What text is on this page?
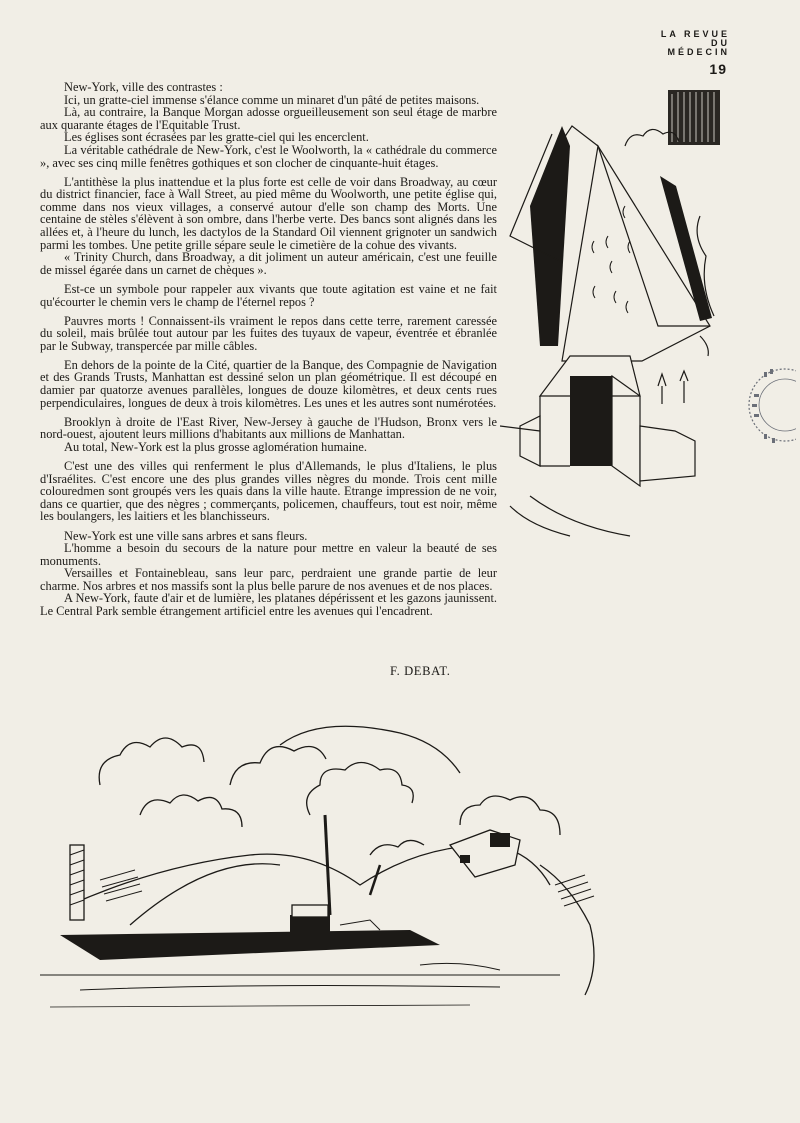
LA REVUE
DU
MÉDECIN
19

New-York, ville des contrastes :

Ici, un gratte-ciel immense s'élance comme un minaret d'un pâté de petites maisons.

Là, au contraire, la Banque Morgan adosse orgueilleusement son seul étage de marbre aux quarante étages de l'Equitable Trust.

Les églises sont écrasées par les gratte-ciel qui les encerclent.

La véritable cathédrale de New-York, c'est le Woolworth, la « cathédrale du commerce », avec ses cinq mille fenêtres gothiques et son clocher de cinquante-huit étages.

L'antithèse la plus inattendue et la plus forte est celle de voir dans Broadway, au cœur du district financier, face à Wall Street, au pied même du Woolworth, une petite église qui, comme dans nos vieux villages, a conservé autour d'elle son champ des Morts. Une centaine de stèles s'élèvent à son ombre, dans l'herbe verte. Des bancs sont alignés dans les allées et, à l'heure du lunch, les dactylos de la Standard Oil viennent grignoter un sandwich parmi les tombes. Une petite grille sépare seule le cimetière de la cohue des vivants.

« Trinity Church, dans Broadway, a dit joliment un auteur américain, c'est une feuille de missel égarée dans un carnet de chèques ».

Est-ce un symbole pour rappeler aux vivants que toute agitation est vaine et ne fait qu'écourter le chemin vers le champ de l'éternel repos ?

Pauvres morts ! Connaissent-ils vraiment le repos dans cette terre, rarement caressée du soleil, mais brûlée tout autour par les fuites des tuyaux de vapeur, éventrée et ébranlée par le Subway, transpercée par mille câbles.

En dehors de la pointe de la Cité, quartier de la Banque, des Compagnie de Navigation et des Grands Trusts, Manhattan est dessiné selon un plan géométrique. Il est découpé en damier par quatorze avenues parallèles, longues de douze kilomètres, et deux cents rues perpendiculaires, longues de deux à trois kilomètres. Les unes et les autres sont numérotées.

Brooklyn à droite de l'East River, New-Jersey à gauche de l'Hudson, Bronx vers le nord-ouest, ajoutent leurs millions d'habitants aux millions de Manhattan.

Au total, New-York est la plus grosse aglomération humaine.

C'est une des villes qui renferment le plus d'Allemands, le plus d'Italiens, le plus d'Israélites. C'est encore une des plus grandes villes nègres du monde. Trois cent mille colouredmen sont groupés vers les quais dans la ville haute. Etrange impression de ne voir, dans ce quartier, que des nègres ; commerçants, policemen, chauffeurs, tout est noir, même les boulangers, les laitiers et les blanchisseurs.

New-York est une ville sans arbres et sans fleurs.

L'homme a besoin du secours de la nature pour mettre en valeur la beauté de ses monuments.

Versailles et Fontainebleau, sans leur parc, perdraient une grande partie de leur charme. Nos arbres et nos massifs sont la plus belle parure de nos avenues et de nos places.

A New-York, faute d'air et de lumière, les platanes dépérissent et les gazons jaunissent. Le Central Park semble étrangement artificiel entre les avenues qui l'encadrent.

F. DEBAT.
